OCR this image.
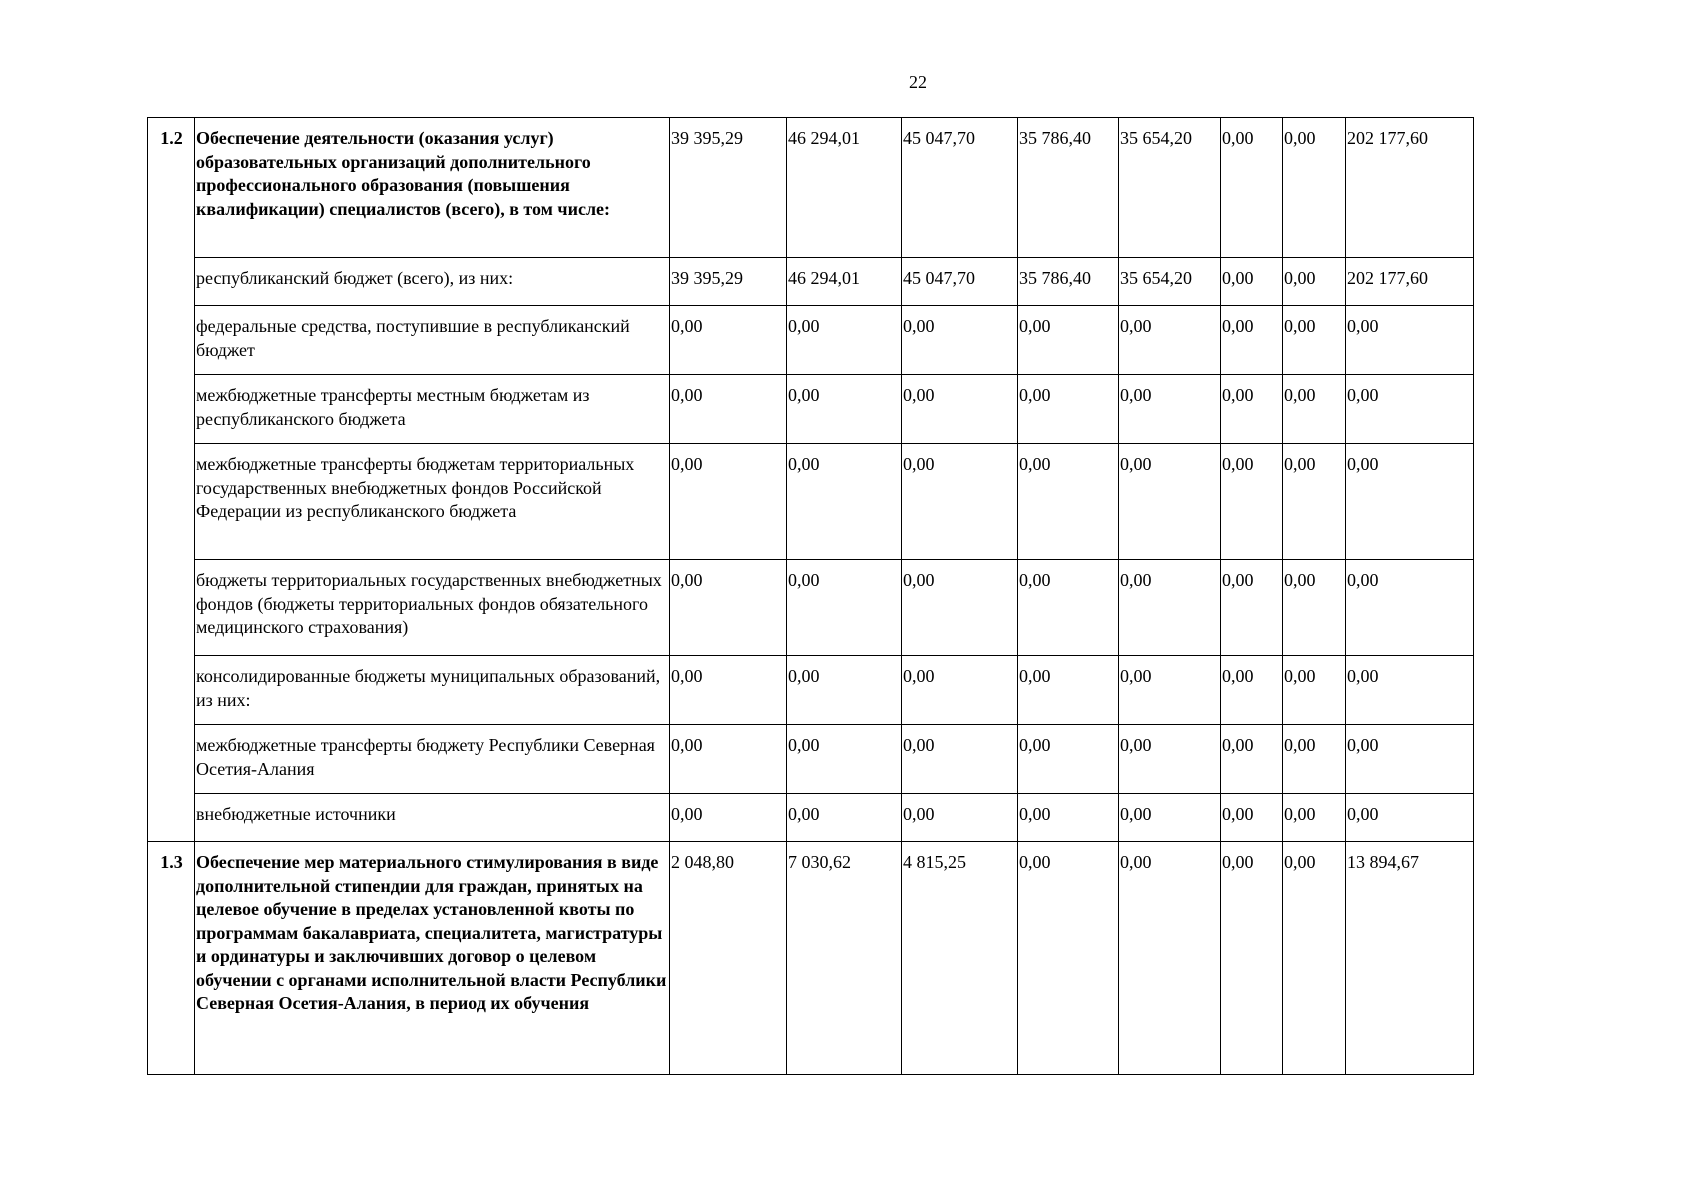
22
1.2	Обеспечение деятельности (оказания услуг) образовательных организаций дополнительного профессионального образования (повышения квалификации) специалистов (всего), в том числе:	39 395,29	46 294,01	45 047,70	35 786,40	35 654,20	0,00	0,00	202 177,60
	республиканский бюджет (всего), из них:	39 395,29	46 294,01	45 047,70	35 786,40	35 654,20	0,00	0,00	202 177,60
	федеральные средства, поступившие в республиканский бюджет	0,00	0,00	0,00	0,00	0,00	0,00	0,00	0,00
	межбюджетные трансферты местным бюджетам из республиканского бюджета	0,00	0,00	0,00	0,00	0,00	0,00	0,00	0,00
	межбюджетные трансферты бюджетам территориальных государственных внебюджетных фондов Российской Федерации из республиканского бюджета	0,00	0,00	0,00	0,00	0,00	0,00	0,00	0,00
	бюджеты территориальных государственных внебюджетных фондов (бюджеты территориальных фондов обязательного медицинского страхования)	0,00	0,00	0,00	0,00	0,00	0,00	0,00	0,00
	консолидированные бюджеты муниципальных образований, из них:	0,00	0,00	0,00	0,00	0,00	0,00	0,00	0,00
	межбюджетные трансферты бюджету Республики Северная Осетия-Алания	0,00	0,00	0,00	0,00	0,00	0,00	0,00	0,00
	внебюджетные источники	0,00	0,00	0,00	0,00	0,00	0,00	0,00	0,00
1.3	Обеспечение мер материального стимулирования в виде дополнительной стипендии для граждан, принятых на целевое обучение в пределах установленной квоты по программам бакалавриата, специалитета, магистратуры и ординатуры и заключивших договор о целевом обучении с органами исполнительной власти Республики Северная Осетия-Алания, в период их обучения	2 048,80	7 030,62	4 815,25	0,00	0,00	0,00	0,00	13 894,67
